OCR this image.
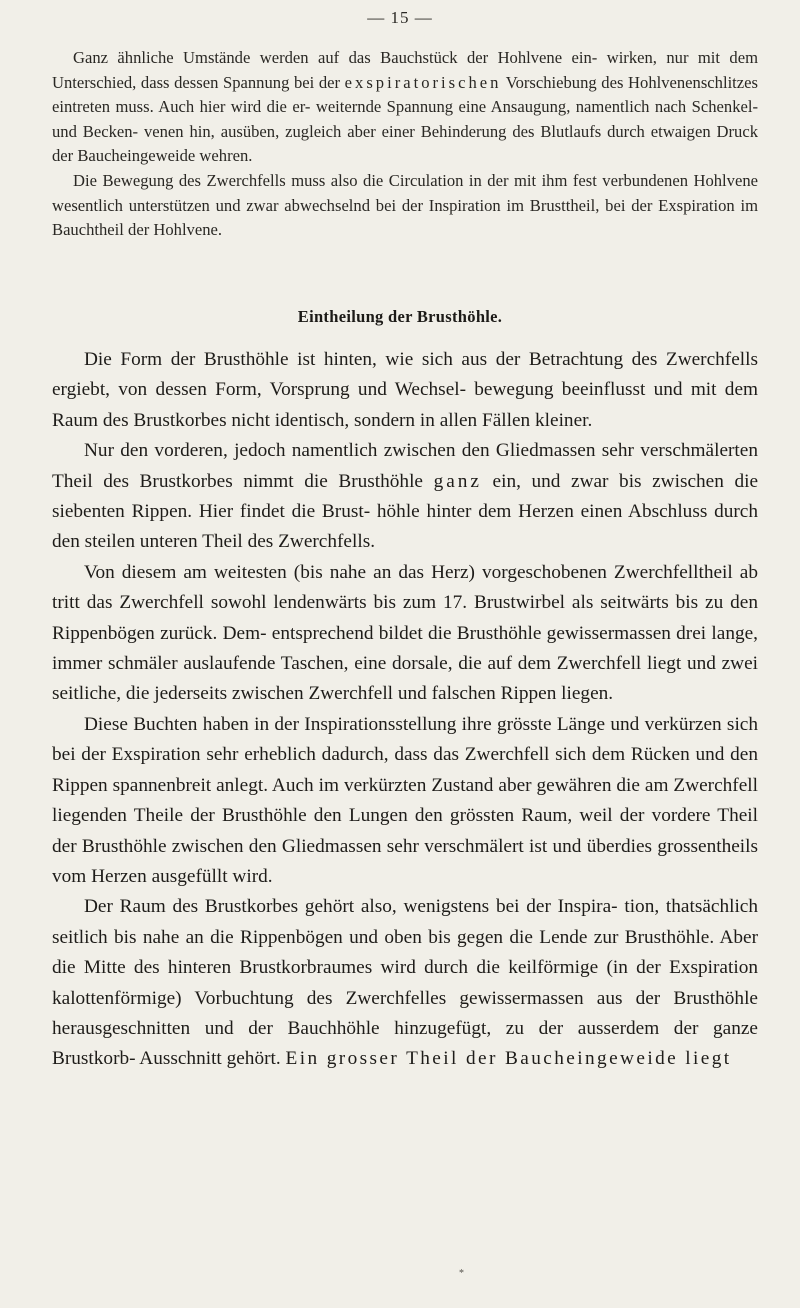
— 15 —

Ganz ähnliche Umstände werden auf das Bauchstück der Hohlvene ein- wirken, nur mit dem Unterschied, dass dessen Spannung bei der exspiratorischen Vorschiebung des Hohlvenenschlitzes eintreten muss. Auch hier wird die er- weiternde Spannung eine Ansaugung, namentlich nach Schenkel- und Becken- venen hin, ausüben, zugleich aber einer Behinderung des Blutlaufs durch etwaigen Druck der Baucheingeweide wehren.

Die Bewegung des Zwerchfells muss also die Circulation in der mit ihm fest verbundenen Hohlvene wesentlich unterstützen und zwar abwechselnd bei der Inspiration im Brusttheil, bei der Exspiration im Bauchtheil der Hohlvene.

Eintheilung der Brusthöhle.

Die Form der Brusthöhle ist hinten, wie sich aus der Betrachtung des Zwerchfells ergiebt, von dessen Form, Vorsprung und Wechsel- bewegung beeinflusst und mit dem Raum des Brustkorbes nicht identisch, sondern in allen Fällen kleiner.

Nur den vorderen, jedoch namentlich zwischen den Gliedmassen sehr verschmälerten Theil des Brustkorbes nimmt die Brusthöhle ganz ein, und zwar bis zwischen die siebenten Rippen. Hier findet die Brust- höhle hinter dem Herzen einen Abschluss durch den steilen unteren Theil des Zwerchfells.

Von diesem am weitesten (bis nahe an das Herz) vorgeschobenen Zwerchfelltheil ab tritt das Zwerchfell sowohl lendenwärts bis zum 17. Brustwirbel als seitwärts bis zu den Rippenbögen zurück. Dem- entsprechend bildet die Brusthöhle gewissermassen drei lange, immer schmäler auslaufende Taschen, eine dorsale, die auf dem Zwerchfell liegt und zwei seitliche, die jederseits zwischen Zwerchfell und falschen Rippen liegen.

Diese Buchten haben in der Inspirationsstellung ihre grösste Länge und verkürzen sich bei der Exspiration sehr erheblich dadurch, dass das Zwerchfell sich dem Rücken und den Rippen spannenbreit anlegt. Auch im verkürzten Zustand aber gewähren die am Zwerchfell liegenden Theile der Brusthöhle den Lungen den grössten Raum, weil der vordere Theil der Brusthöhle zwischen den Gliedmassen sehr verschmälert ist und überdies grossentheils vom Herzen ausgefüllt wird.

Der Raum des Brustkorbes gehört also, wenigstens bei der Inspira- tion, thatsächlich seitlich bis nahe an die Rippenbögen und oben bis gegen die Lende zur Brusthöhle. Aber die Mitte des hinteren Brustkorbraumes wird durch die keilförmige (in der Exspiration kalottenförmige) Vorbuchtung des Zwerchfelles gewissermassen aus der Brusthöhle herausgeschnitten und der Bauchhöhle hinzugefügt, zu der ausserdem der ganze Brustkorb- Ausschnitt gehört. Ein grosser Theil der Baucheingeweide liegt

*
